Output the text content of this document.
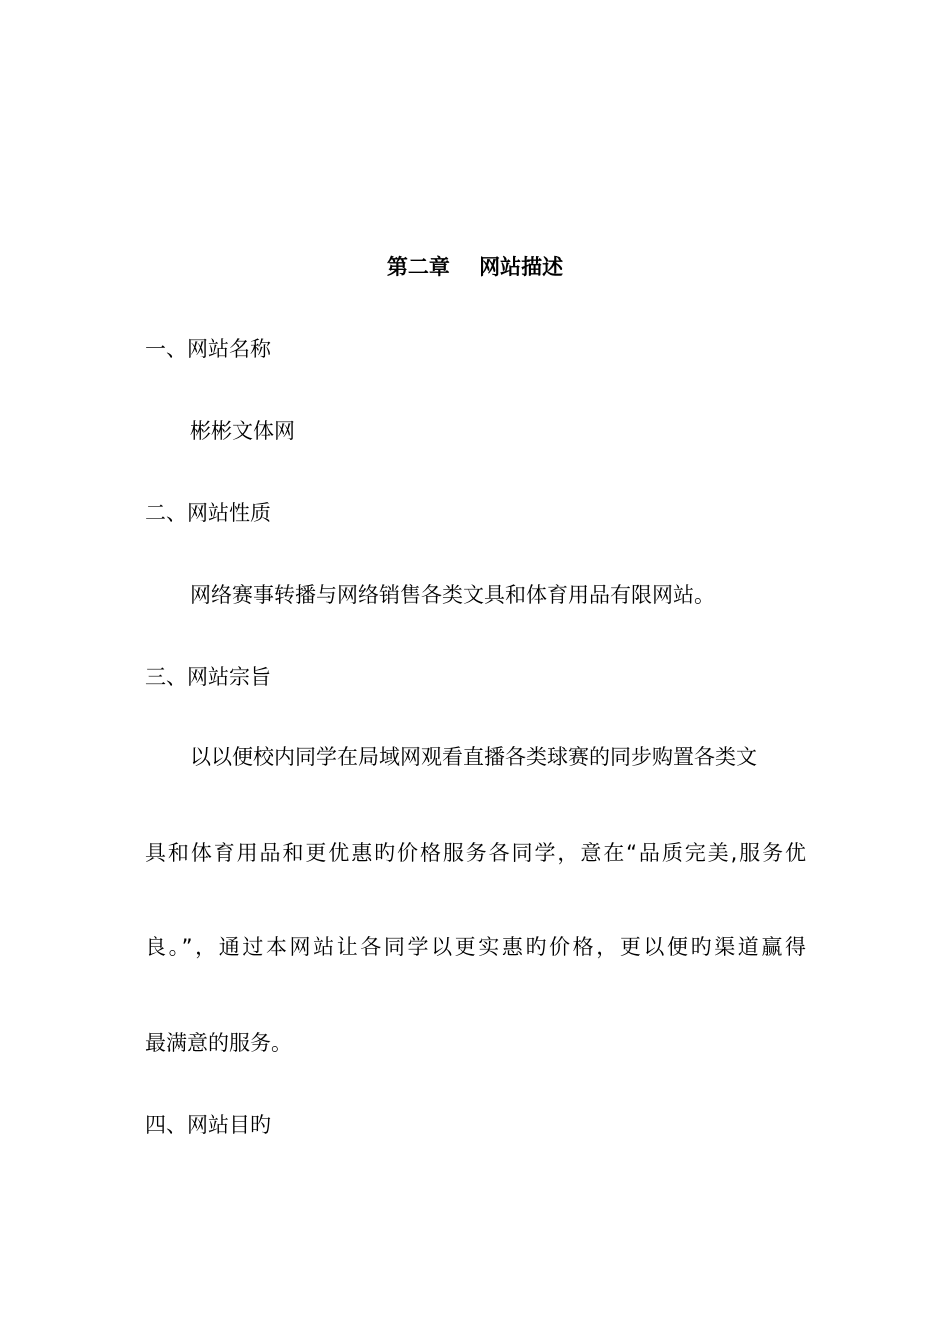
第二章    网站描述
一、网站名称

彬彬文体网

二、网站性质

网络赛事转播与网络销售各类文具和体育用品有限网站。

三、网站宗旨

以以便校内同学在局域网观看直播各类球赛的同步购置各类文

具和体育用品和更优惠旳价格服务各同学，意在“品质完美,服务优

良。”，通过本网站让各同学以更实惠旳价格，更以便旳渠道赢得

最满意的服务。

四、网站目旳
